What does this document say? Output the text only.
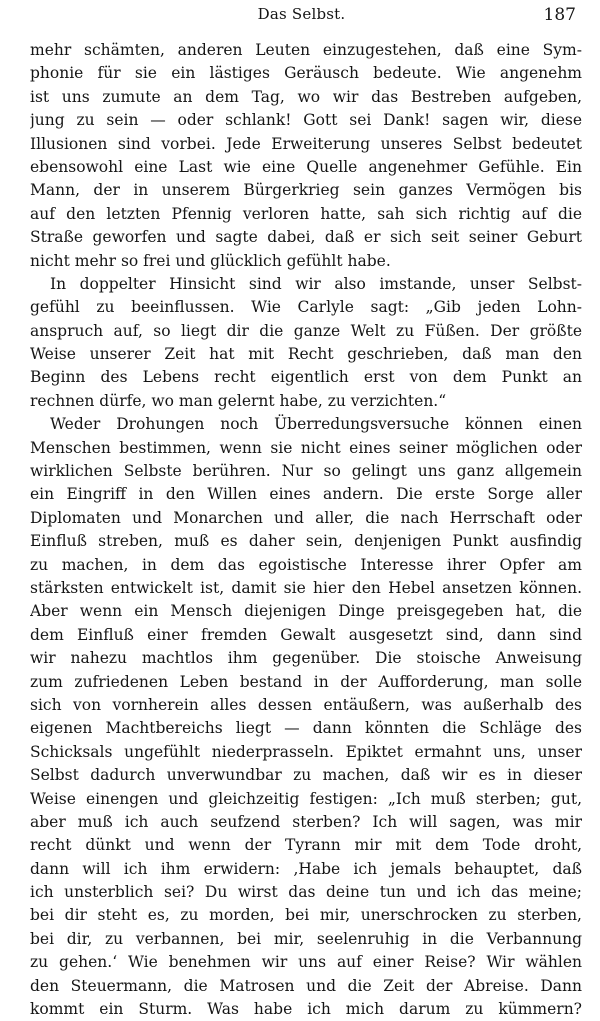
Das Selbst.	187
mehr schämten, anderen Leuten einzugestehen, daß eine Sym-
phonie für sie ein lästiges Geräusch bedeute. Wie angenehm
ist uns zumute an dem Tag, wo wir das Bestreben aufgeben,
jung zu sein — oder schlank! Gott sei Dank! sagen wir, diese
Illusionen sind vorbei. Jede Erweiterung unseres Selbst bedeutet
ebensowohl eine Last wie eine Quelle angenehmer Gefühle. Ein
Mann, der in unserem Bürgerkrieg sein ganzes Vermögen bis
auf den letzten Pfennig verloren hatte, sah sich richtig auf die
Straße geworfen und sagte dabei, daß er sich seit seiner Geburt
nicht mehr so frei und glücklich gefühlt habe.
In doppelter Hinsicht sind wir also imstande, unser Selbst-
gefühl zu beeinflussen. Wie Carlyle sagt: „Gib jeden Lohn-
anspruch auf, so liegt dir die ganze Welt zu Füßen. Der größte
Weise unserer Zeit hat mit Recht geschrieben, daß man den
Beginn des Lebens recht eigentlich erst von dem Punkt an
rechnen dürfe, wo man gelernt habe, zu verzichten.“
Weder Drohungen noch Überredungsversuche können einen
Menschen bestimmen, wenn sie nicht eines seiner möglichen oder
wirklichen Selbste berühren. Nur so gelingt uns ganz allgemein
ein Eingriff in den Willen eines andern. Die erste Sorge aller
Diplomaten und Monarchen und aller, die nach Herrschaft oder
Einfluß streben, muß es daher sein, denjenigen Punkt ausfindig
zu machen, in dem das egoistische Interesse ihrer Opfer am
stärksten entwickelt ist, damit sie hier den Hebel ansetzen können.
Aber wenn ein Mensch diejenigen Dinge preisgegeben hat, die
dem Einfluß einer fremden Gewalt ausgesetzt sind, dann sind
wir nahezu machtlos ihm gegenüber. Die stoische Anweisung
zum zufriedenen Leben bestand in der Aufforderung, man solle
sich von vornherein alles dessen entäußern, was außerhalb des
eigenen Machtbereichs liegt — dann könnten die Schläge des
Schicksals ungefühlt niederprasseln. Epiktet ermahnt uns, unser
Selbst dadurch unverwundbar zu machen, daß wir es in dieser
Weise einengen und gleichzeitig festigen: „Ich muß sterben; gut,
aber muß ich auch seufzend sterben? Ich will sagen, was mir
recht dünkt und wenn der Tyrann mir mit dem Tode droht,
dann will ich ihm erwidern: ‚Habe ich jemals behauptet, daß
ich unsterblich sei? Du wirst das deine tun und ich das meine;
bei dir steht es, zu morden, bei mir, unerschrocken zu sterben,
bei dir, zu verbannen, bei mir, seelenruhig in die Verbannung
zu gehen.‘ Wie benehmen wir uns auf einer Reise? Wir wählen
den Steuermann, die Matrosen und die Zeit der Abreise. Dann
kommt ein Sturm. Was habe ich mich darum zu kümmern?
